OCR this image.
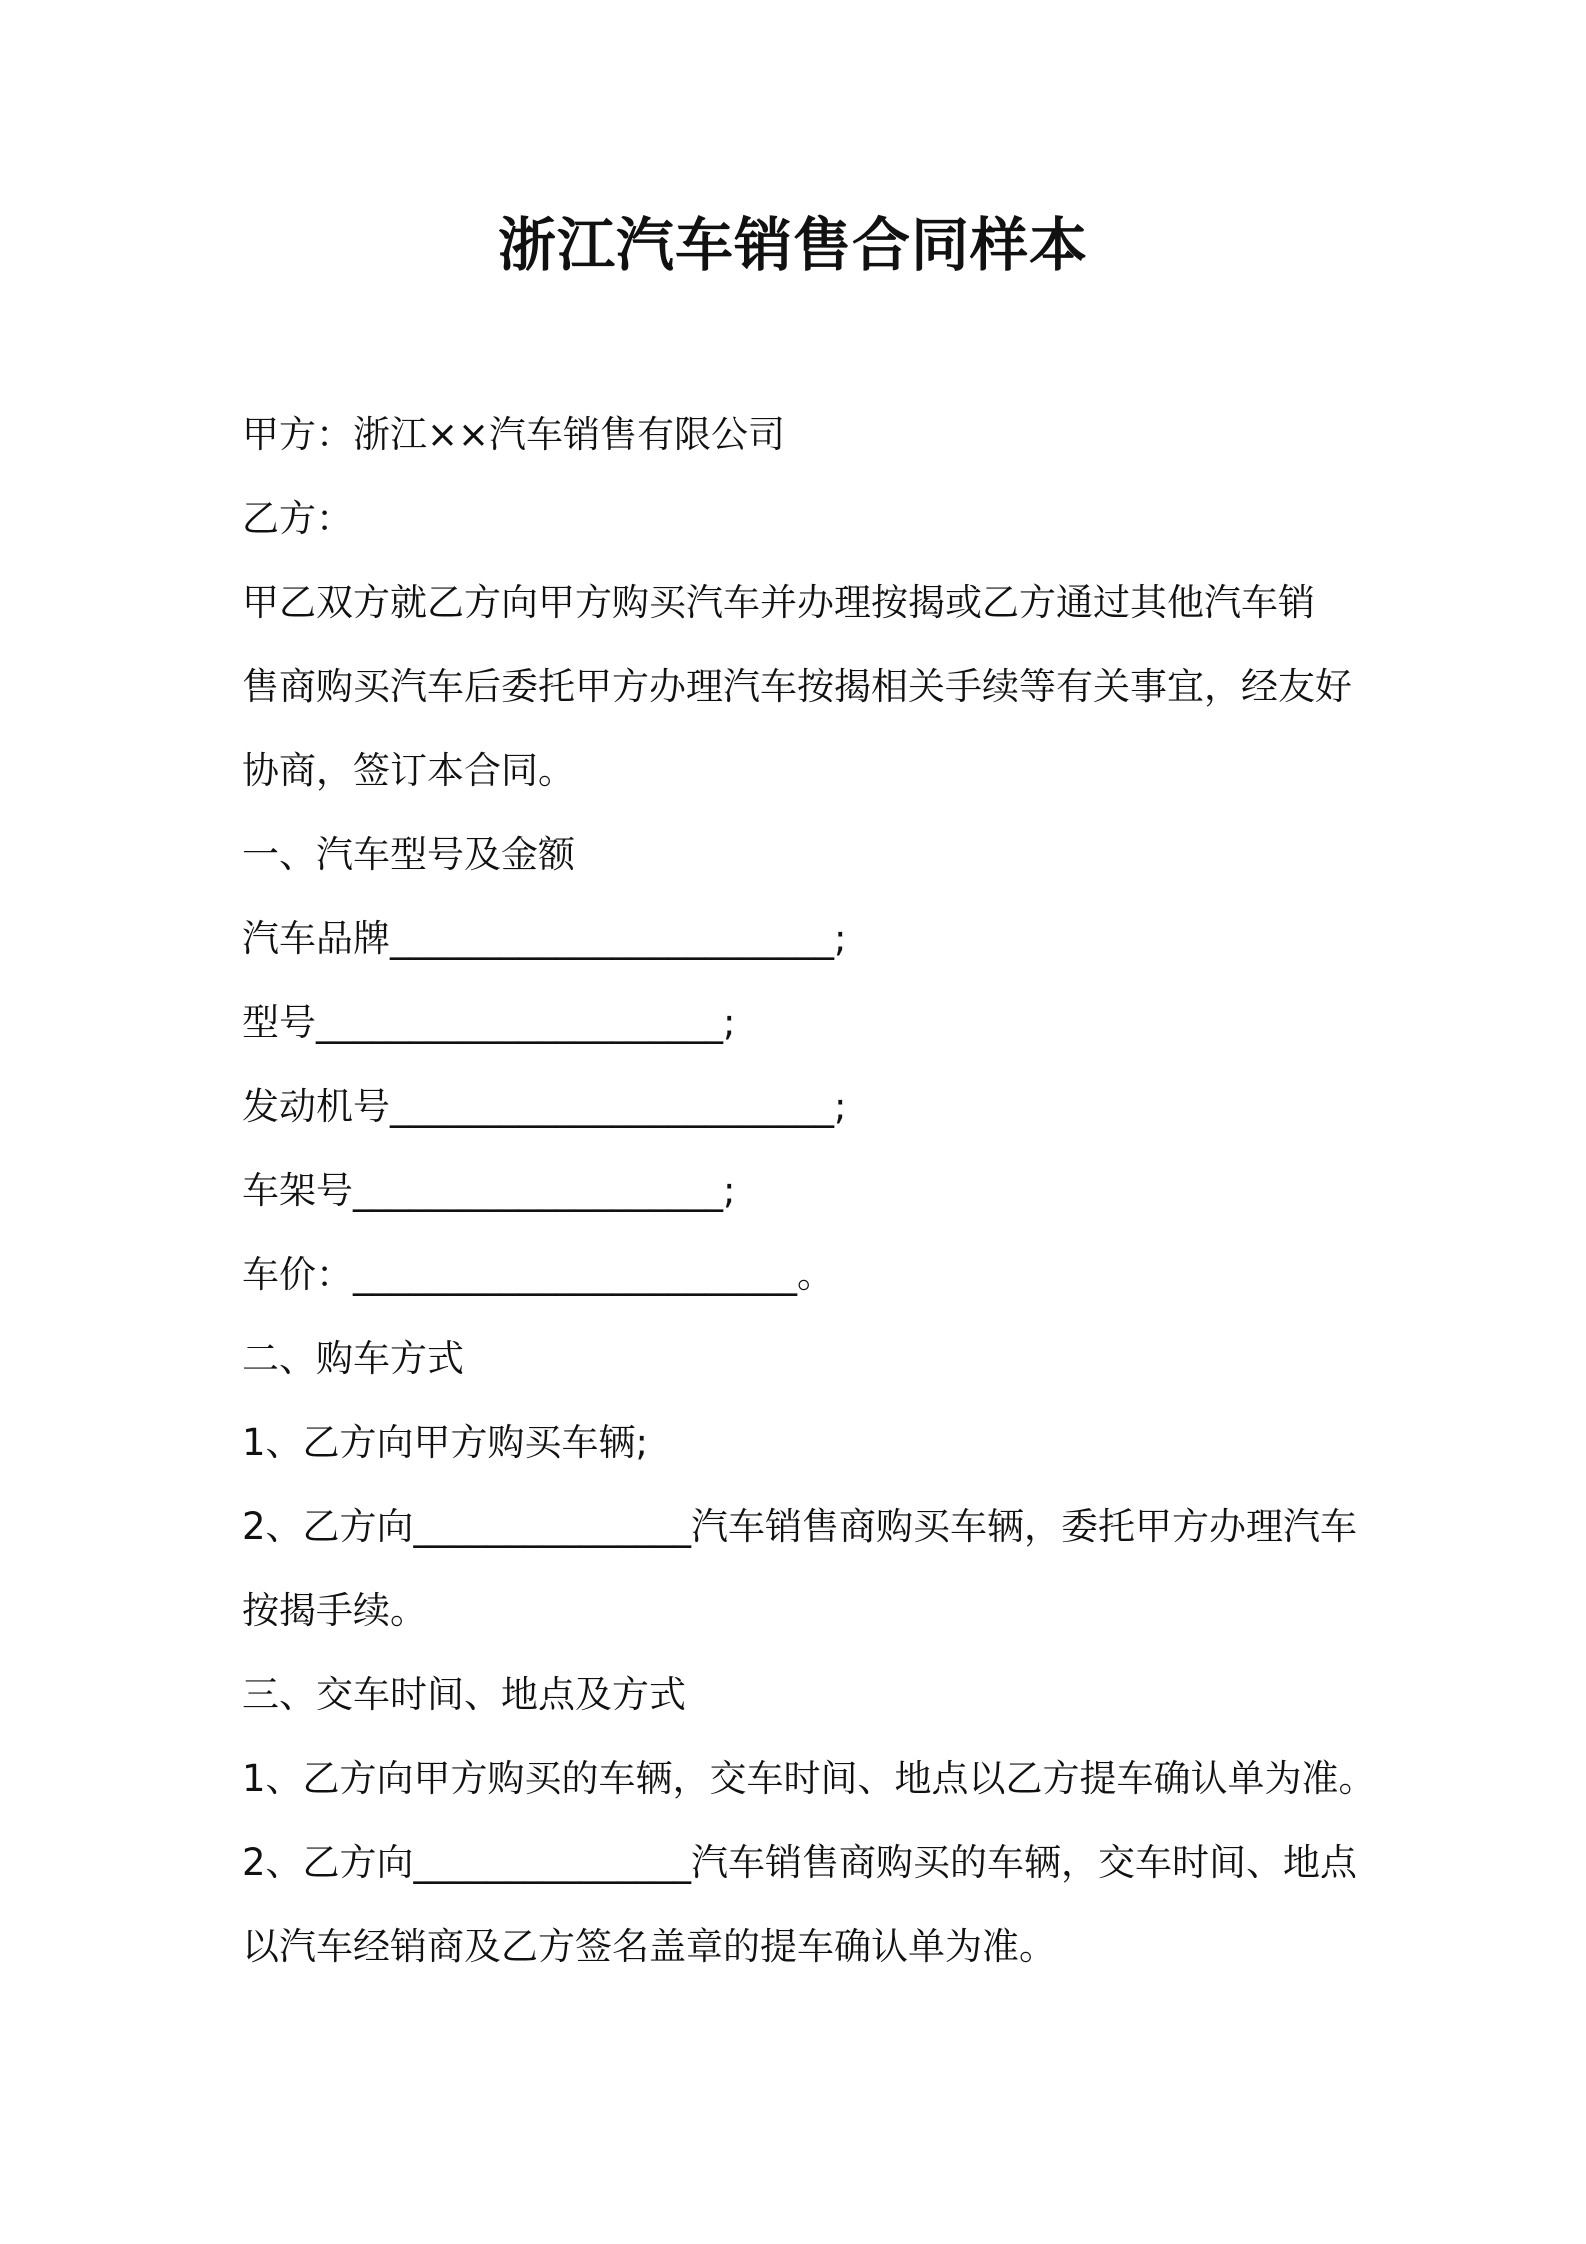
浙江汽车销售合同样本
甲方：浙江××汽车销售有限公司
乙方：
甲乙双方就乙方向甲方购买汽车并办理按揭或乙方通过其他汽车销
售商购买汽车后委托甲方办理汽车按揭相关手续等有关事宜，经友好
协商，签订本合同。
一、汽车型号及金额
汽车品牌________________________;
型号______________________;
发动机号________________________;
车架号____________________;
车价：________________________。
二、购车方式
1、乙方向甲方购买车辆;
2、乙方向_______________汽车销售商购买车辆，委托甲方办理汽车
按揭手续。
三、交车时间、地点及方式
1、乙方向甲方购买的车辆，交车时间、地点以乙方提车确认单为准。
2、乙方向_______________汽车销售商购买的车辆，交车时间、地点
以汽车经销商及乙方签名盖章的提车确认单为准。
